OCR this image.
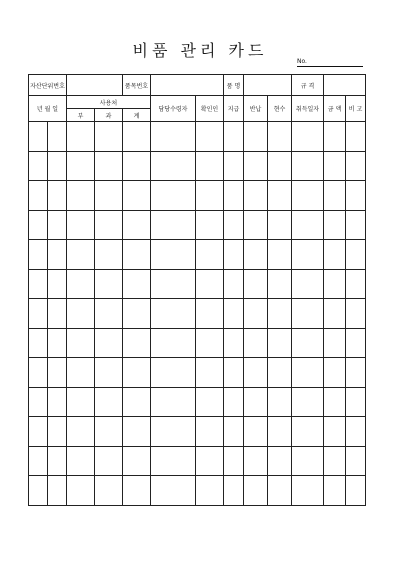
비품 관리 카드
No.
자산단위번호				품목번호			품 명			규 격		
년 월 일		사용처			담당수령자	확인인	지급	반납	현수	취득일자	금 액	비 고
		부	과	계								
